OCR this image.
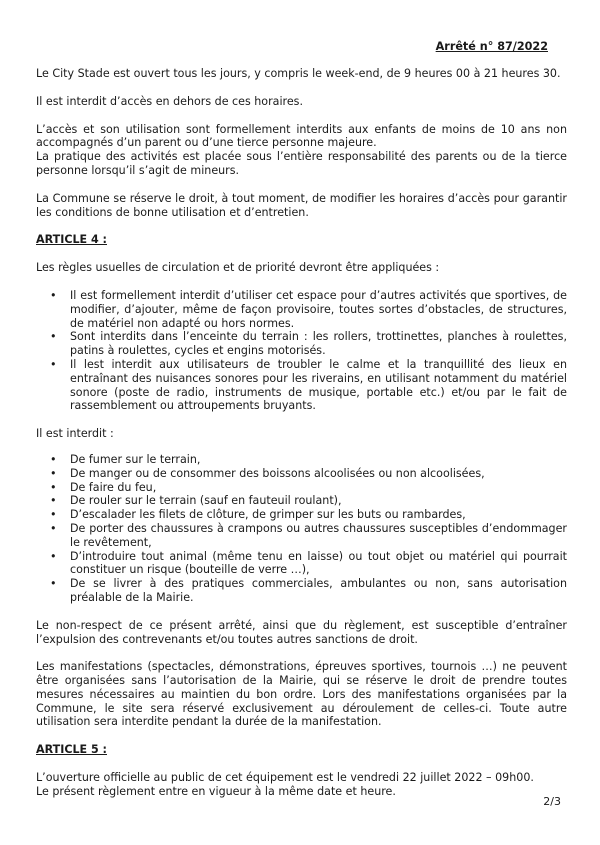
Arrêté n° 87/2022

Le City Stade est ouvert tous les jours, y compris le week-end, de 9 heures 00 à 21 heures 30.

Il est interdit d’accès en dehors de ces horaires.

L’accès et son utilisation sont formellement interdits aux enfants de moins de 10 ans non accompagnés d’un parent ou d’une tierce personne majeure.

La pratique des activités est placée sous l’entière responsabilité des parents ou de la tierce personne lorsqu’il s’agit de mineurs.

La Commune se réserve le droit, à tout moment, de modifier les horaires d’accès pour garantir les conditions de bonne utilisation et d’entretien.

ARTICLE 4 :

Les règles usuelles de circulation et de priorité devront être appliquées :

• Il est formellement interdit d’utiliser cet espace pour d’autres activités que sportives, de modifier, d’ajouter, même de façon provisoire, toutes sortes d’obstacles, de structures, de matériel non adapté ou hors normes.
• Sont interdits dans l’enceinte du terrain : les rollers, trottinettes, planches à roulettes, patins à roulettes, cycles et engins motorisés.
• Il lest interdit aux utilisateurs de troubler le calme et la tranquillité des lieux en entraînant des nuisances sonores pour les riverains, en utilisant notamment du matériel sonore (poste de radio, instruments de musique, portable etc.) et/ou par le fait de rassemblement ou attroupements bruyants.

Il est interdit :

• De fumer sur le terrain,
• De manger ou de consommer des boissons alcoolisées ou non alcoolisées,
• De faire du feu,
• De rouler sur le terrain (sauf en fauteuil roulant),
• D’escalader les filets de clôture, de grimper sur les buts ou rambardes,
• De porter des chaussures à crampons ou autres chaussures susceptibles d’endommager le revêtement,
• D’introduire tout animal (même tenu en laisse) ou tout objet ou matériel qui pourrait constituer un risque (bouteille de verre …),
• De se livrer à des pratiques commerciales, ambulantes ou non, sans autorisation préalable de la Mairie.

Le non-respect de ce présent arrêté, ainsi que du règlement, est susceptible d’entraîner l’expulsion des contrevenants et/ou toutes autres sanctions de droit.

Les manifestations (spectacles, démonstrations, épreuves sportives, tournois …) ne peuvent être organisées sans l’autorisation de la Mairie, qui se réserve le droit de prendre toutes mesures nécessaires au maintien du bon ordre. Lors des manifestations organisées par la Commune, le site sera réservé exclusivement au déroulement de celles-ci. Toute autre utilisation sera interdite pendant la durée de la manifestation.

ARTICLE 5 :

L’ouverture officielle au public de cet équipement est le vendredi 22 juillet 2022 – 09h00.

Le présent règlement entre en vigueur à la même date et heure.

2/3
